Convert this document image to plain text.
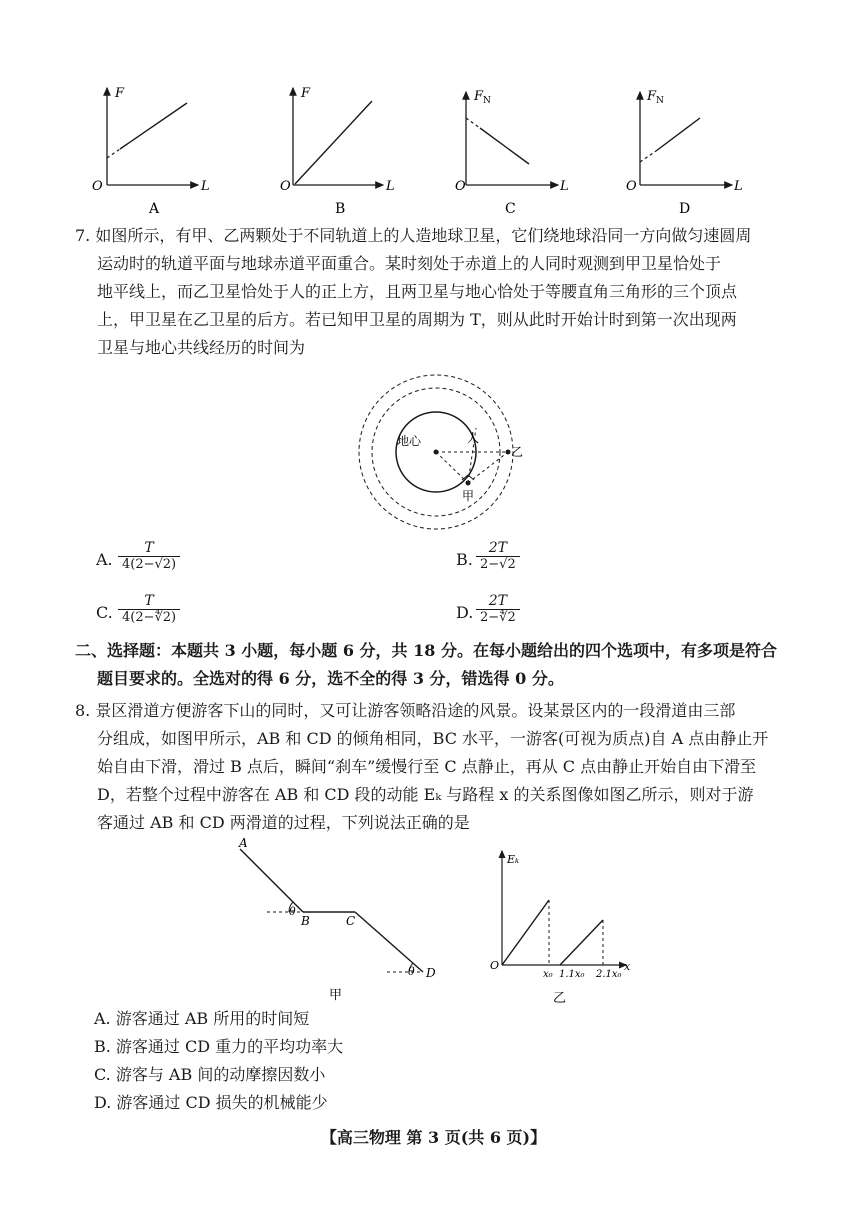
F
L
O
A
F
L
O
B
$F_N$
L
O
C
$F_N$
L
O
D
7. 如图所示，有甲、乙两颗处于不同轨道上的人造地球卫星，它们绕地球沿同一方向做匀速圆周
运动时的轨道平面与地球赤道平面重合。某时刻处于赤道上的人同时观测到甲卫星恰处于
地平线上，而乙卫星恰处于人的正上方，且两卫星与地心恰处于等腰直角三角形的三个顶点
上，甲卫星在乙卫星的后方。若已知甲卫星的周期为 T，则从此时开始计时到第一次出现两
卫星与地心共线经历的时间为
地心	人
乙
甲
A. $\frac{T}{4(2-√2)}$	B. $\frac{2T}{2-√2}$
C. $\frac{T}{4(2-∜2)}$	D. $\frac{2T}{2-∜2}$
二、选择题：本题共 3 小题，每小题 6 分，共 18 分。在每小题给出的四个选项中，有多项是符合
题目要求的。全选对的得 6 分，选不全的得 3 分，错选得 0 分。
8. 景区滑道方便游客下山的同时，又可让游客领略沿途的风景。设某景区内的一段滑道由三部
分组成，如图甲所示，AB 和 CD 的倾角相同，BC 水平，一游客(可视为质点)自 A 点由静止开
始自由下滑，滑过 B 点后，瞬间“刹车”缓慢行至 C 点静止，再从 C 点由静止开始自由下滑至
D，若整个过程中游客在 AB 和 CD 段的动能 Eₖ 与路程 x 的关系图像如图乙所示，则对于游
客通过 AB 和 CD 两滑道的过程，下列说法正确的是
A
B	C
D
θ
θ
甲
Eₖ
x
O
x₀ 1.1x₀ 2.1x₀
乙
A. 游客通过 AB 所用的时间短
B. 游客通过 CD 重力的平均功率大
C. 游客与 AB 间的动摩擦因数小
D. 游客通过 CD 损失的机械能少
【高三物理 第 3 页(共 6 页)】
